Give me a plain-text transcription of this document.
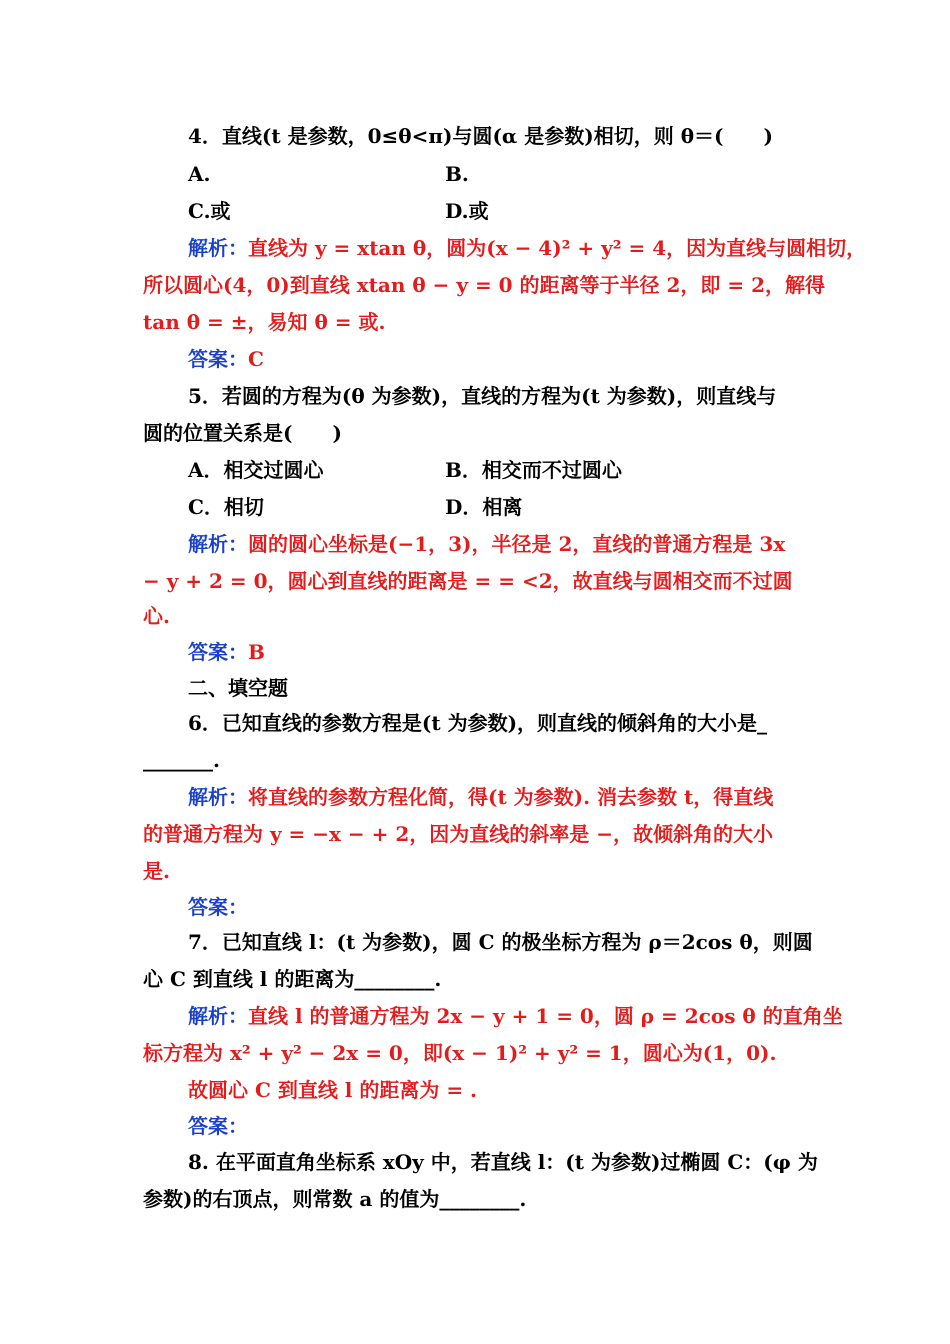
4．直线(t 是参数，0≤θ<π)与圆(α 是参数)相切，则 θ＝(　　)
A.	B.
C.或	D.或
解析：直线为 y = xtan θ，圆为(x − 4)² + y² = 4，因为直线与圆相切，
所以圆心(4，0)到直线 xtan θ − y = 0 的距离等于半径 2，即 = 2，解得
tan θ = ±，易知 θ = 或.
答案：C
5．若圆的方程为(θ 为参数)，直线的方程为(t 为参数)，则直线与
圆的位置关系是(　　)
A．相交过圆心	B．相交而不过圆心
C．相切	D．相离
解析：圆的圆心坐标是(−1，3)，半径是 2，直线的普通方程是 3x
− y + 2 = 0，圆心到直线的距离是 = = <2，故直线与圆相交而不过圆
心.
答案：B
二、填空题
6．已知直线的参数方程是(t 为参数)，则直线的倾斜角的大小是_
_______.
解析：将直线的参数方程化简，得(t 为参数). 消去参数 t，得直线
的普通方程为 y = −x − + 2，因为直线的斜率是 −，故倾斜角的大小
是.
答案：
7．已知直线 l：(t 为参数)，圆 C 的极坐标方程为 ρ＝2cos θ，则圆
心 C 到直线 l 的距离为________.
解析：直线 l 的普通方程为 2x − y + 1 = 0，圆 ρ = 2cos θ 的直角坐
标方程为 x² + y² − 2x = 0，即(x − 1)² + y² = 1，圆心为(1，0).
故圆心 C 到直线 l 的距离为 = .
答案：
8. 在平面直角坐标系 xOy 中，若直线 l：(t 为参数)过椭圆 C：(φ 为
参数)的右顶点，则常数 a 的值为________.
